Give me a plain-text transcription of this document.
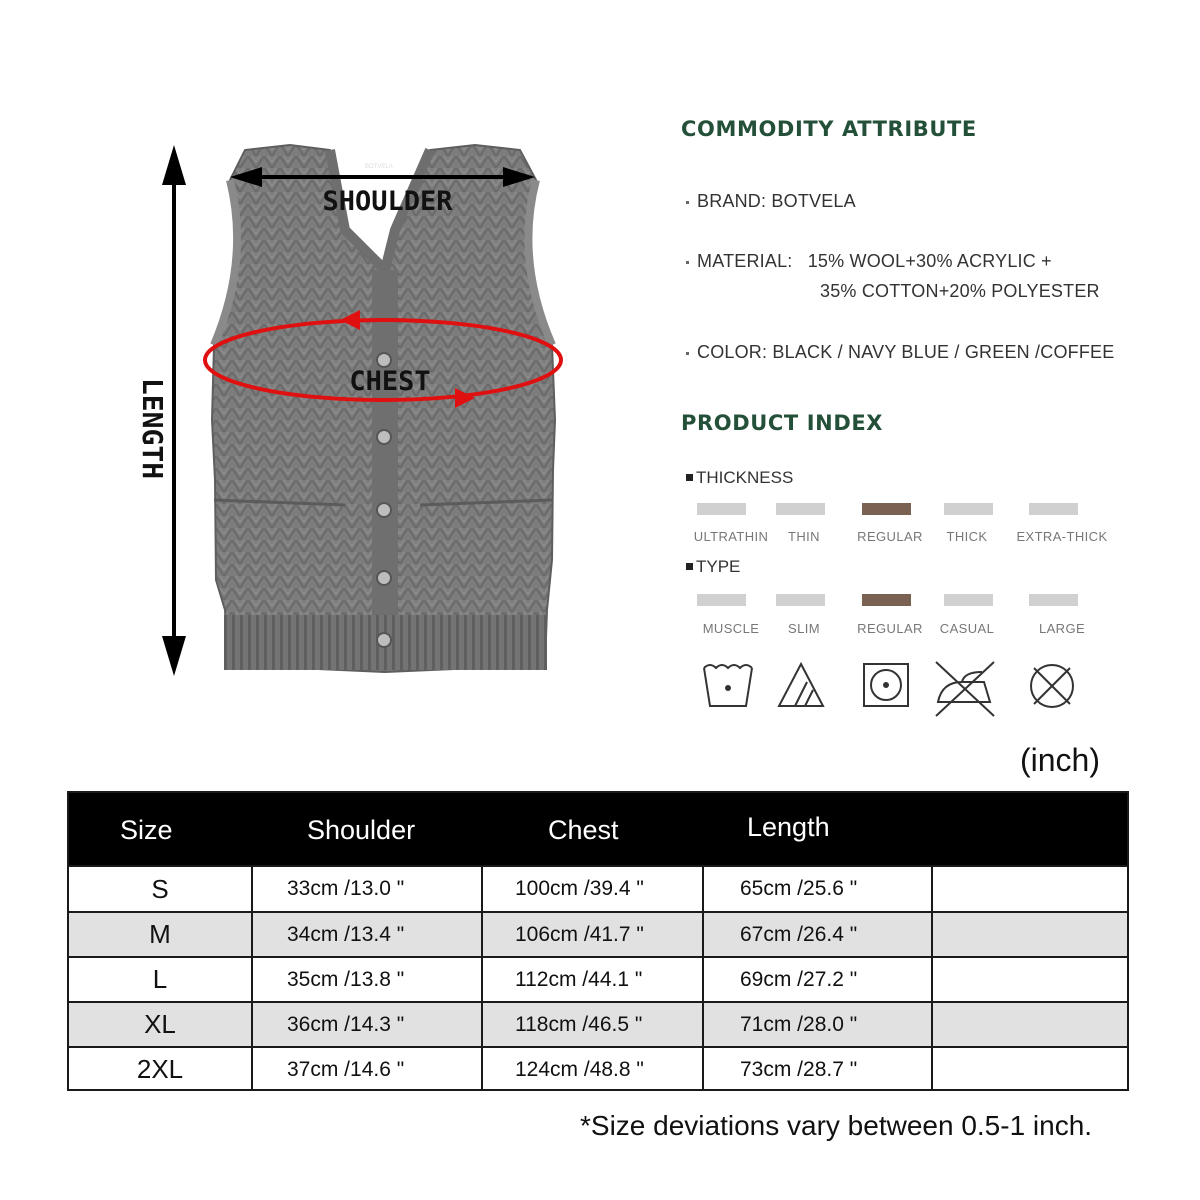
BOTVELA
SHOULDER
CHEST
LENGTH
COMMODITY ATTRIBUTE
BRAND: BOTVELA
MATERIAL: 15% WOOL+30% ACRYLIC +
35% COTTON+20% POLYESTER
COLOR: BLACK / NAVY BLUE / GREEN /COFFEE
PRODUCT INDEX
THICKNESS
ULTRATHIN	THIN	REGULAR	THICK	EXTRA-THICK
TYPE
MUSCLE	SLIM	REGULAR	CASUAL	LARGE
(inch)
Size	Shoulder	Chest	Length
S	33cm /13.0 "	100cm /39.4 "	65cm /25.6 "
M	34cm /13.4 "	106cm /41.7 "	67cm /26.4 "
L	35cm /13.8 "	112cm /44.1 "	69cm /27.2 "
XL	36cm /14.3 "	118cm /46.5 "	71cm /28.0 "
2XL	37cm /14.6 "	124cm /48.8 "	73cm /28.7 "
*Size deviations vary between 0.5-1 inch.
